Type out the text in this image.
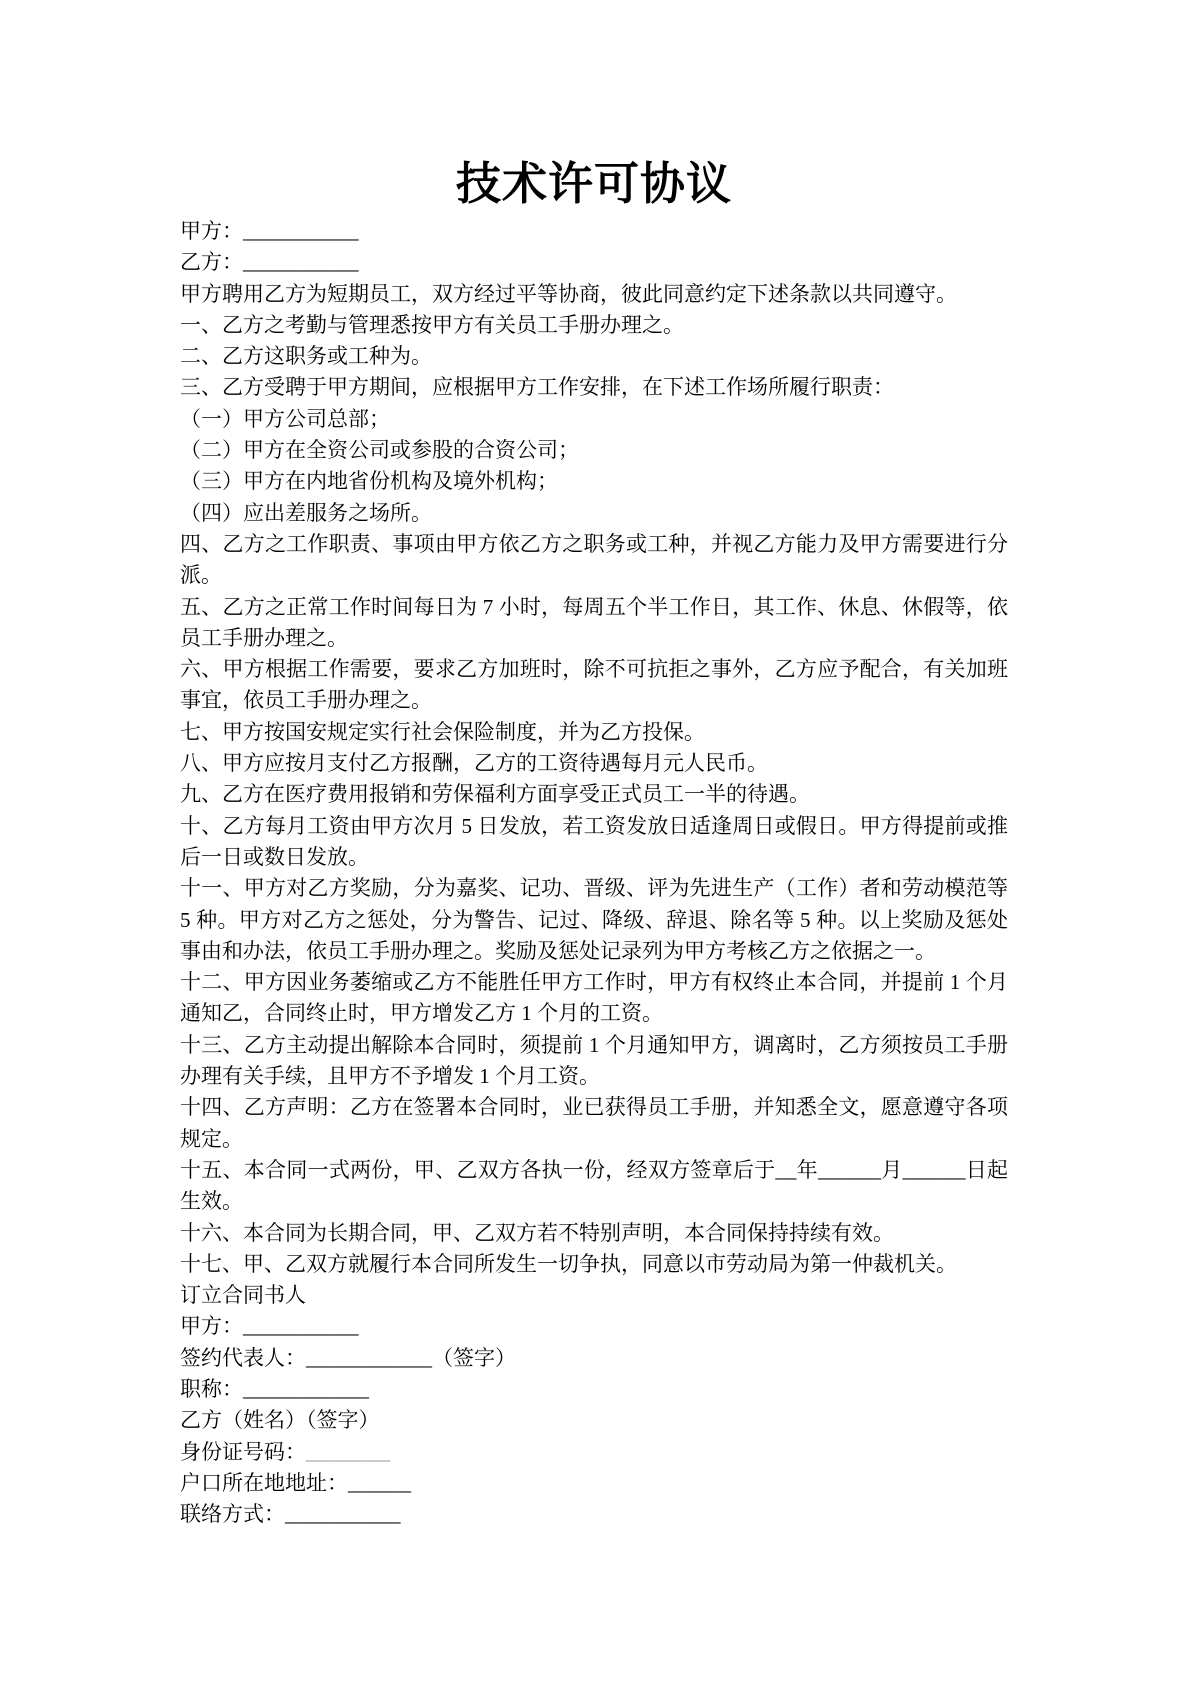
技术许可协议

甲方：___________

乙方：___________

甲方聘用乙方为短期员工，双方经过平等协商，彼此同意约定下述条款以共同遵守。

一、乙方之考勤与管理悉按甲方有关员工手册办理之。

二、乙方这职务或工种为。

三、乙方受聘于甲方期间，应根据甲方工作安排，在下述工作场所履行职责：

（一）甲方公司总部；

（二）甲方在全资公司或参股的合资公司；

（三）甲方在内地省份机构及境外机构；

（四）应出差服务之场所。

四、乙方之工作职责、事项由甲方依乙方之职务或工种，并视乙方能力及甲方需要进行分派。

五、乙方之正常工作时间每日为 7 小时，每周五个半工作日，其工作、休息、休假等，依员工手册办理之。

六、甲方根据工作需要，要求乙方加班时，除不可抗拒之事外，乙方应予配合，有关加班事宜，依员工手册办理之。

七、甲方按国安规定实行社会保险制度，并为乙方投保。

八、甲方应按月支付乙方报酬，乙方的工资待遇每月元人民币。

九、乙方在医疗费用报销和劳保福利方面享受正式员工一半的待遇。

十、乙方每月工资由甲方次月 5 日发放，若工资发放日适逢周日或假日。甲方得提前或推后一日或数日发放。

十一、甲方对乙方奖励，分为嘉奖、记功、晋级、评为先进生产（工作）者和劳动模范等 5 种。甲方对乙方之惩处，分为警告、记过、降级、辞退、除名等 5 种。以上奖励及惩处事由和办法，依员工手册办理之。奖励及惩处记录列为甲方考核乙方之依据之一。

十二、甲方因业务萎缩或乙方不能胜任甲方工作时，甲方有权终止本合同，并提前 1 个月通知乙，合同终止时，甲方增发乙方 1 个月的工资。

十三、乙方主动提出解除本合同时，须提前 1 个月通知甲方，调离时，乙方须按员工手册办理有关手续，且甲方不予增发 1 个月工资。

十四、乙方声明：乙方在签署本合同时，业已获得员工手册，并知悉全文，愿意遵守各项规定。

十五、本合同一式两份，甲、乙双方各执一份，经双方签章后于__年______月______日起生效。

十六、本合同为长期合同，甲、乙双方若不特别声明，本合同保持持续有效。

十七、甲、乙双方就履行本合同所发生一切争执，同意以市劳动局为第一仲裁机关。

订立合同书人

甲方：___________

签约代表人：____________（签字）

职称：____________

乙方（姓名）（签字）

身份证号码：________

户口所在地地址：______

联络方式：___________
